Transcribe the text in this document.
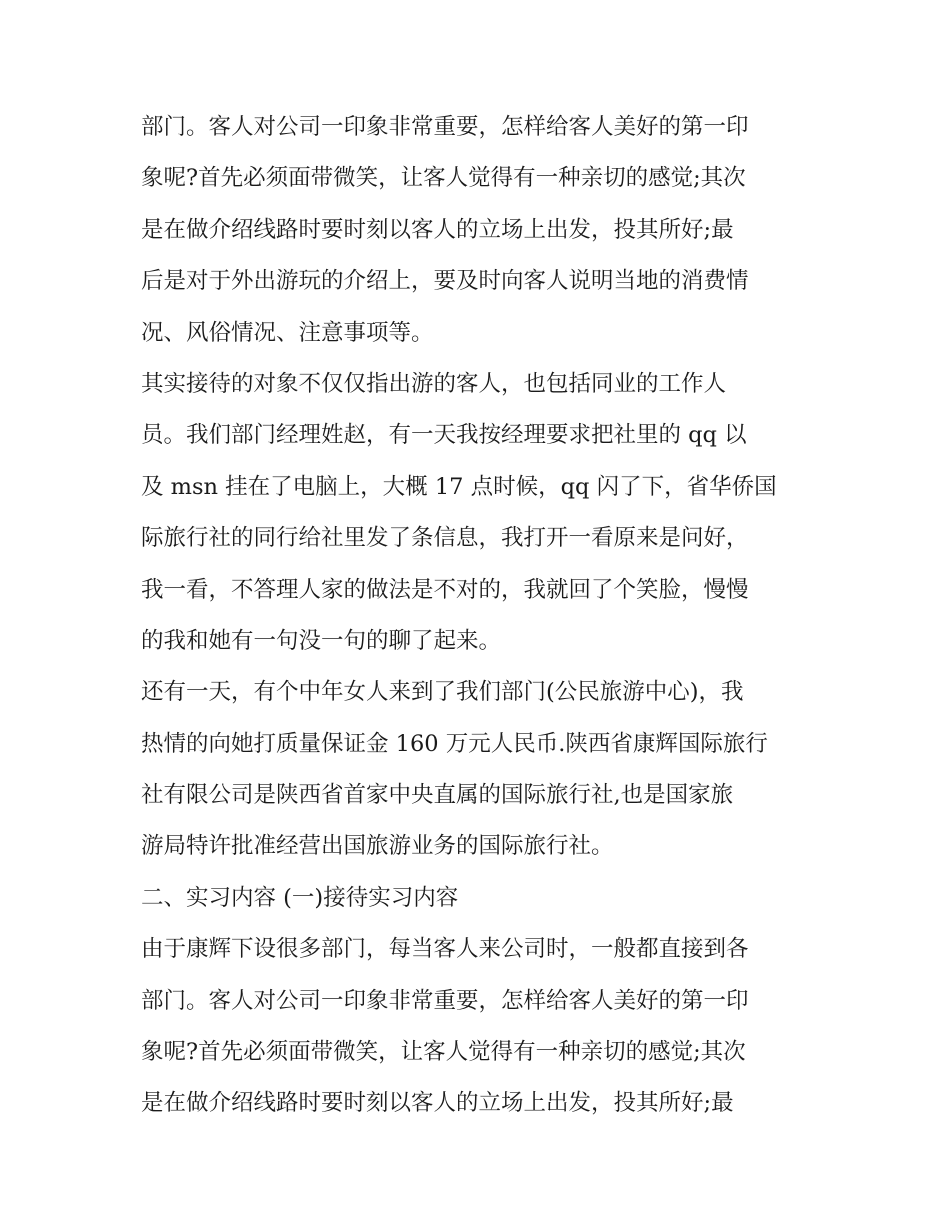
部门。客人对公司一印象非常重要，怎样给客人美好的第一印
象呢?首先必须面带微笑，让客人觉得有一种亲切的感觉;其次
是在做介绍线路时要时刻以客人的立场上出发，投其所好;最
后是对于外出游玩的介绍上，要及时向客人说明当地的消费情
况、风俗情况、注意事项等。
其实接待的对象不仅仅指出游的客人，也包括同业的工作人
员。我们部门经理姓赵，有一天我按经理要求把社里的 qq 以
及 msn 挂在了电脑上，大概 17 点时候，qq 闪了下，省华侨国
际旅行社的同行给社里发了条信息，我打开一看原来是问好，
我一看，不答理人家的做法是不对的，我就回了个笑脸，慢慢
的我和她有一句没一句的聊了起来。
还有一天，有个中年女人来到了我们部门(公民旅游中心)，我
热情的向她打质量保证金 160 万元人民币.陕西省康辉国际旅行
社有限公司是陕西省首家中央直属的国际旅行社,也是国家旅
游局特许批准经营出国旅游业务的国际旅行社。
二、实习内容 (一)接待实习内容
由于康辉下设很多部门，每当客人来公司时，一般都直接到各
部门。客人对公司一印象非常重要，怎样给客人美好的第一印
象呢?首先必须面带微笑，让客人觉得有一种亲切的感觉;其次
是在做介绍线路时要时刻以客人的立场上出发，投其所好;最
